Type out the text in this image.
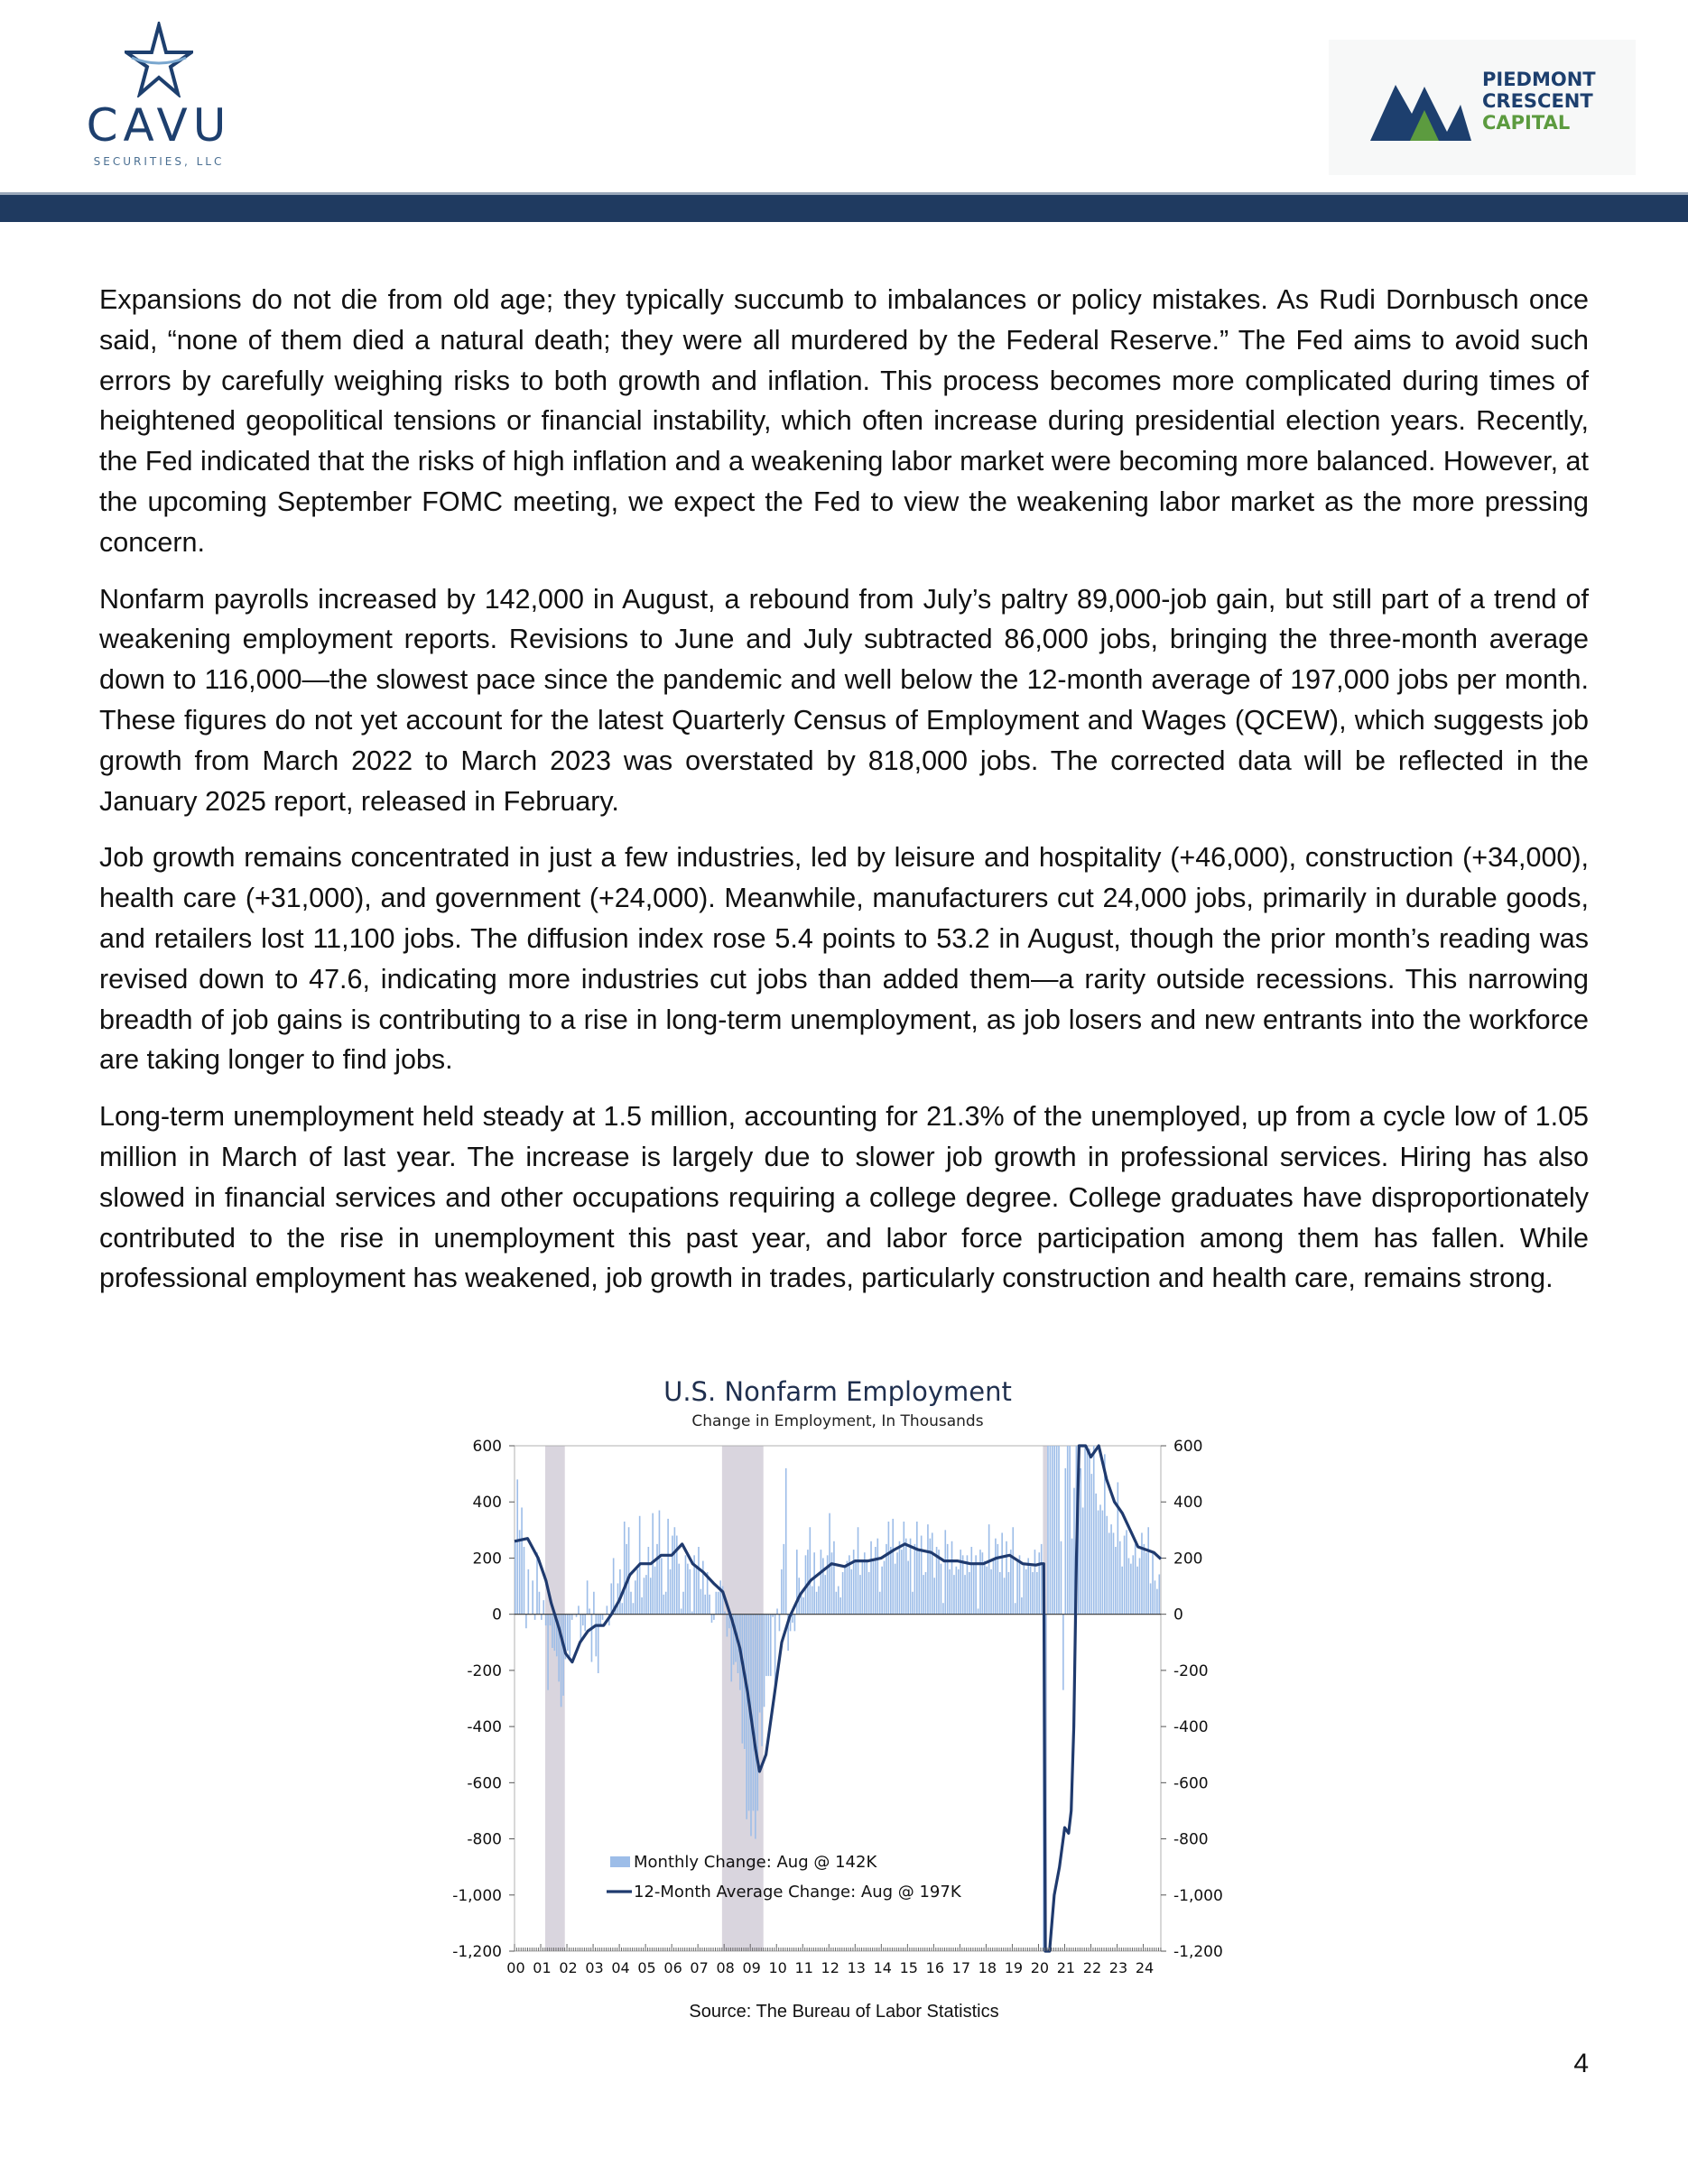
CAVU
SECURITIES, LLC
PIEDMONT
CRESCENT
CAPITAL

Expansions do not die from old age; they typically succumb to imbalances or policy mistakes. As Rudi Dornbusch once said, “none of them died a natural death; they were all murdered by the Federal Reserve.” The Fed aims to avoid such errors by carefully weighing risks to both growth and inflation. This process becomes more complicated during times of heightened geopolitical tensions or financial instability, which often increase during presidential election years. Recently, the Fed indicated that the risks of high inflation and a weakening labor market were becoming more balanced. However, at the upcoming September FOMC meeting, we expect the Fed to view the weakening labor market as the more pressing concern.

Nonfarm payrolls increased by 142,000 in August, a rebound from July’s paltry 89,000-job gain, but still part of a trend of weakening employment reports. Revisions to June and July subtracted 86,000 jobs, bringing the three-month average down to 116,000—the slowest pace since the pandemic and well below the 12-month average of 197,000 jobs per month. These figures do not yet account for the latest Quarterly Census of Employment and Wages (QCEW), which suggests job growth from March 2022 to March 2023 was overstated by 818,000 jobs. The corrected data will be reflected in the January 2025 report, released in February.

Job growth remains concentrated in just a few industries, led by leisure and hospitality (+46,000), construction (+34,000), health care (+31,000), and government (+24,000). Meanwhile, manufacturers cut 24,000 jobs, primarily in durable goods, and retailers lost 11,100 jobs. The diffusion index rose 5.4 points to 53.2 in August, though the prior month’s reading was revised down to 47.6, indicating more industries cut jobs than added them—a rarity outside recessions. This narrowing breadth of job gains is contributing to a rise in long-term unemployment, as job losers and new entrants into the workforce are taking longer to find jobs.

Long-term unemployment held steady at 1.5 million, accounting for 21.3% of the unemployed, up from a cycle low of 1.05 million in March of last year. The increase is largely due to slower job growth in professional services. Hiring has also slowed in financial services and other occupations requiring a college degree. College graduates have disproportionately contributed to the rise in unemployment this past year, and labor force participation among them has fallen. While professional employment has weakened, job growth in trades, particularly construction and health care, remains strong.

U.S. Nonfarm Employment
Change in Employment, In Thousands
600	600
400	400
200	200
0	0
-200	-200
-400	-400
-600	-600
-800	-800
-1,000	-1,000
-1,200	-1,200
00 01 02 03 04 05 06 07 08 09 10 11 12 13 14 15 16 17 18 19 20 21 22 23 24
Monthly Change: Aug @ 142K
12-Month Average Change: Aug @ 197K
Source: The Bureau of Labor Statistics
4
